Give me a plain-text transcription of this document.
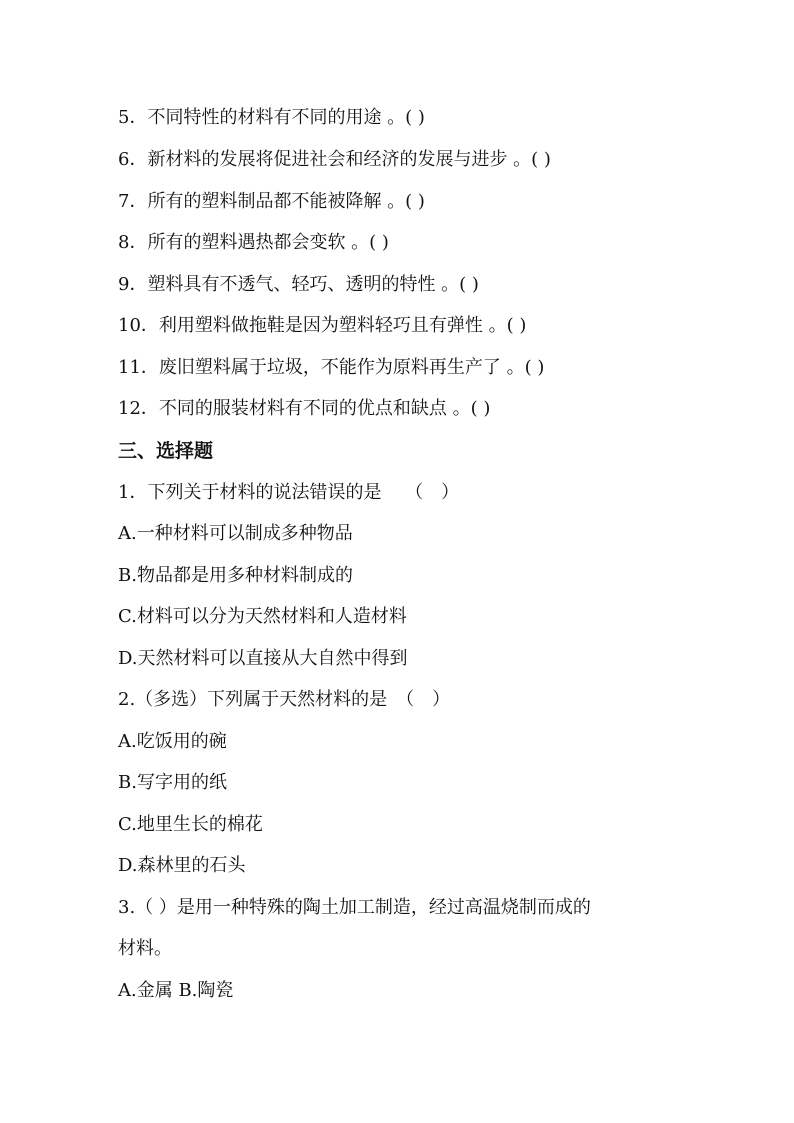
5．不同特性的材料有不同的用途 。( )
6．新材料的发展将促进社会和经济的发展与进步 。( )
7．所有的塑料制品都不能被降解 。( )
8．所有的塑料遇热都会变软 。( )
9．塑料具有不透气、轻巧、透明的特性 。( )
10．利用塑料做拖鞋是因为塑料轻巧且有弹性 。( )
11．废旧塑料属于垃圾，不能作为原料再生产了 。( )
12．不同的服装材料有不同的优点和缺点 。( )
三、选择题
1．下列关于材料的说法错误的是　 （　）
A.一种材料可以制成多种物品
B.物品都是用多种材料制成的
C.材料可以分为天然材料和人造材料
D.天然材料可以直接从大自然中得到
2.（多选）下列属于天然材料的是　（　）
A.吃饭用的碗
B.写字用的纸
C.地里生长的棉花
D.森林里的石头
3.（ ）是用一种特殊的陶土加工制造，经过高温烧制而成的
材料。
A.金属 B.陶瓷
